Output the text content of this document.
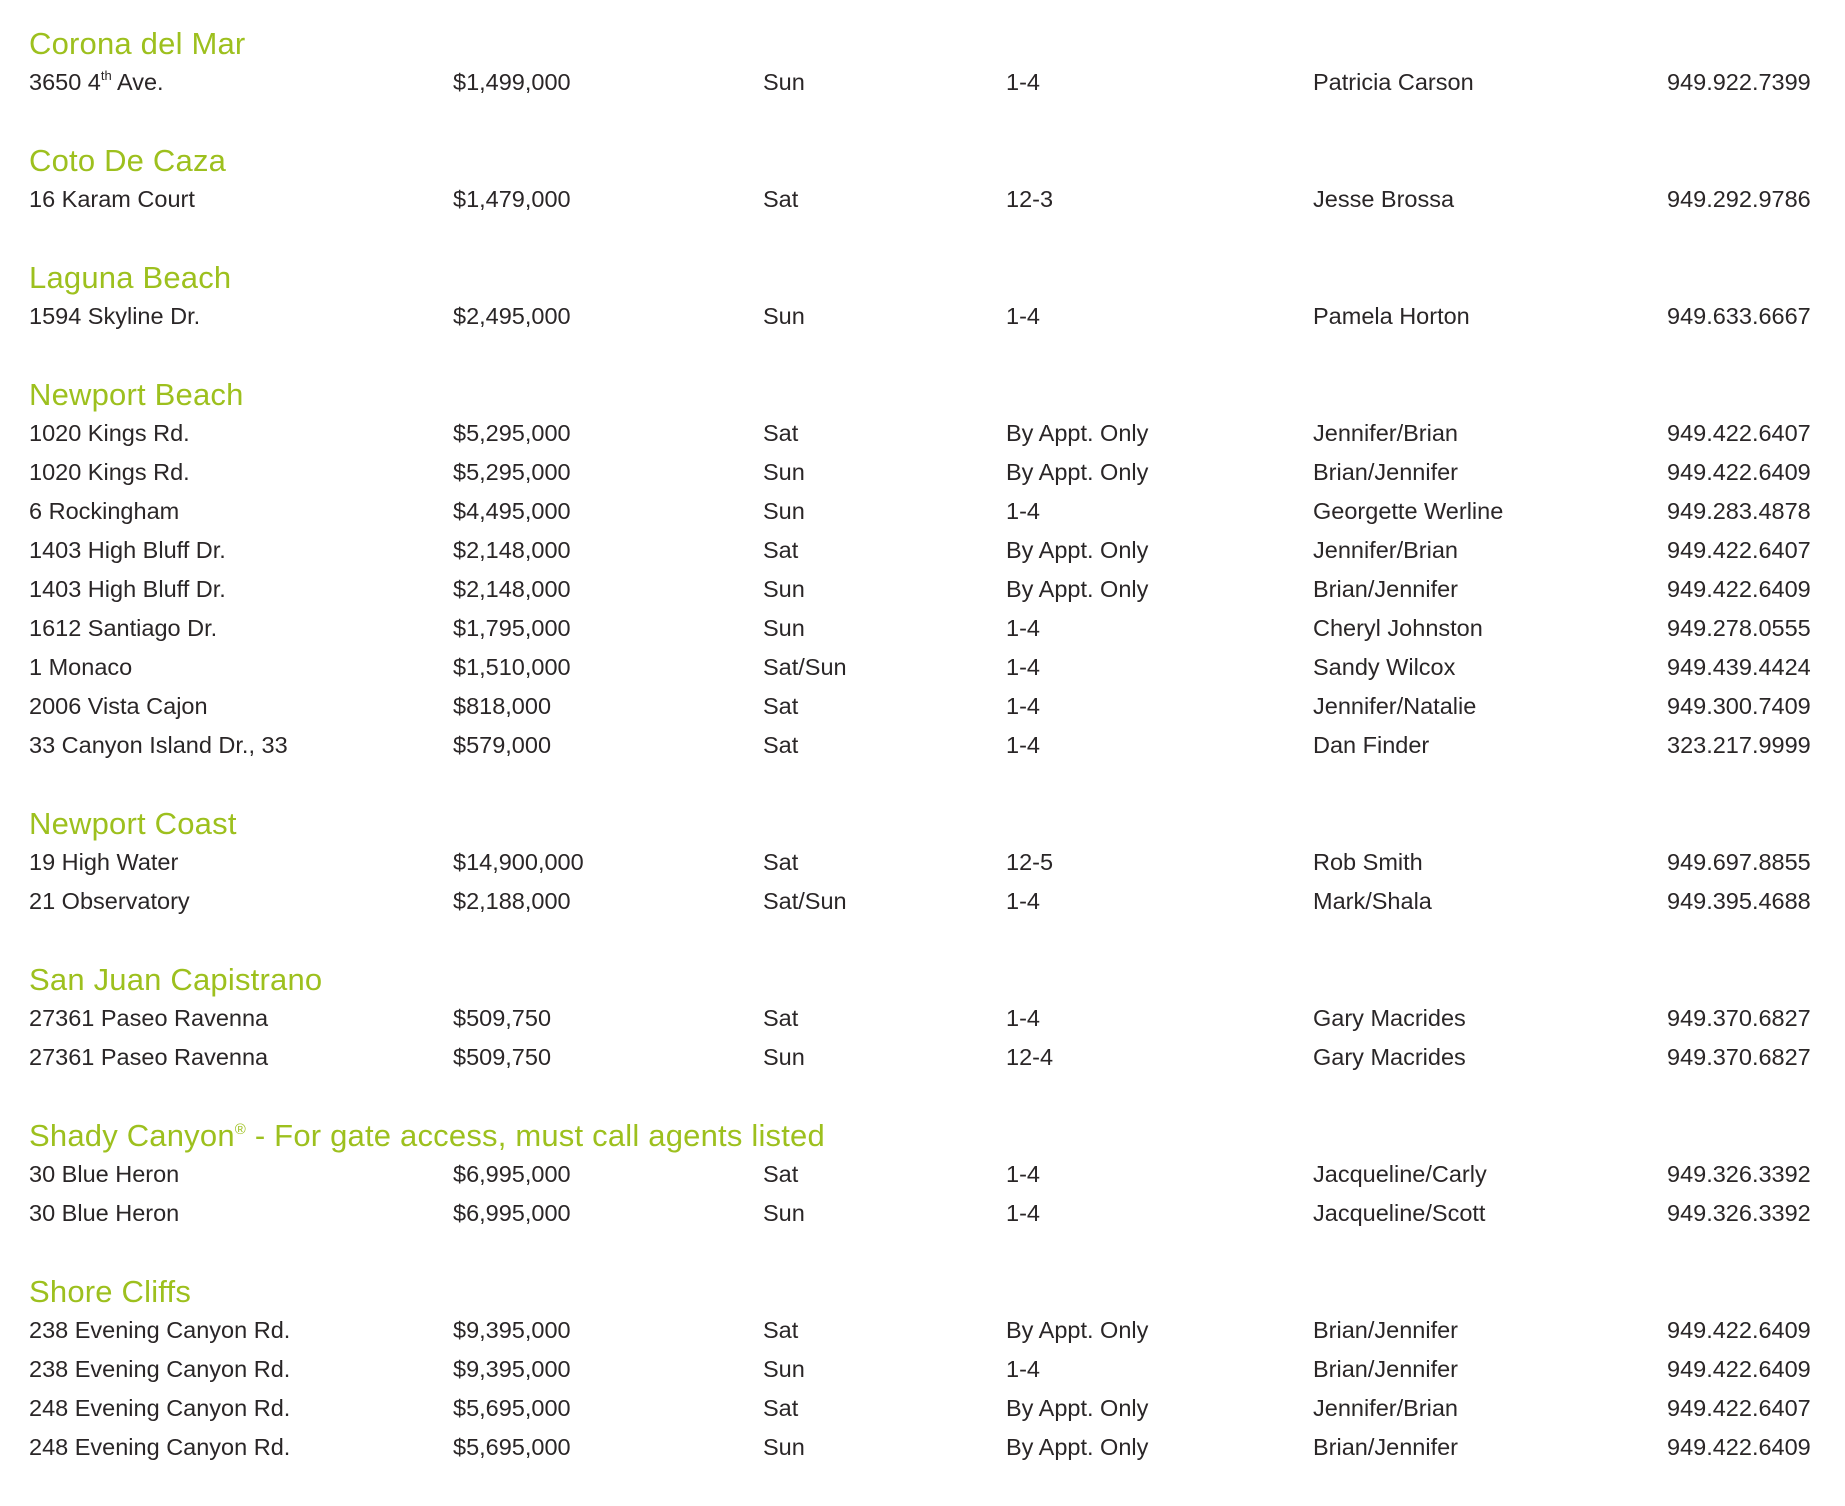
Corona del Mar
3650 4th Ave.	$1,499,000	Sun	1-4	Patricia Carson	949.922.7399
Coto De Caza
16 Karam Court	$1,479,000	Sat	12-3	Jesse Brossa	949.292.9786
Laguna Beach
1594 Skyline Dr.	$2,495,000	Sun	1-4	Pamela Horton	949.633.6667
Newport Beach
1020 Kings Rd.	$5,295,000	Sat	By Appt. Only	Jennifer/Brian	949.422.6407
1020 Kings Rd.	$5,295,000	Sun	By Appt. Only	Brian/Jennifer	949.422.6409
6 Rockingham	$4,495,000	Sun	1-4	Georgette Werline	949.283.4878
1403 High Bluff Dr.	$2,148,000	Sat	By Appt. Only	Jennifer/Brian	949.422.6407
1403 High Bluff Dr.	$2,148,000	Sun	By Appt. Only	Brian/Jennifer	949.422.6409
1612 Santiago Dr.	$1,795,000	Sun	1-4	Cheryl Johnston	949.278.0555
1 Monaco	$1,510,000	Sat/Sun	1-4	Sandy Wilcox	949.439.4424
2006 Vista Cajon	$818,000	Sat	1-4	Jennifer/Natalie	949.300.7409
33 Canyon Island Dr., 33	$579,000	Sat	1-4	Dan Finder	323.217.9999
Newport Coast
19 High Water	$14,900,000	Sat	12-5	Rob Smith	949.697.8855
21 Observatory	$2,188,000	Sat/Sun	1-4	Mark/Shala	949.395.4688
San Juan Capistrano
27361 Paseo Ravenna	$509,750	Sat	1-4	Gary Macrides	949.370.6827
27361 Paseo Ravenna	$509,750	Sun	12-4	Gary Macrides	949.370.6827
Shady Canyon® - For gate access, must call agents listed
30 Blue Heron	$6,995,000	Sat	1-4	Jacqueline/Carly	949.326.3392
30 Blue Heron	$6,995,000	Sun	1-4	Jacqueline/Scott	949.326.3392
Shore Cliffs
238 Evening Canyon Rd.	$9,395,000	Sat	By Appt. Only	Brian/Jennifer	949.422.6409
238 Evening Canyon Rd.	$9,395,000	Sun	1-4	Brian/Jennifer	949.422.6409
248 Evening Canyon Rd.	$5,695,000	Sat	By Appt. Only	Jennifer/Brian	949.422.6407
248 Evening Canyon Rd.	$5,695,000	Sun	By Appt. Only	Brian/Jennifer	949.422.6409
